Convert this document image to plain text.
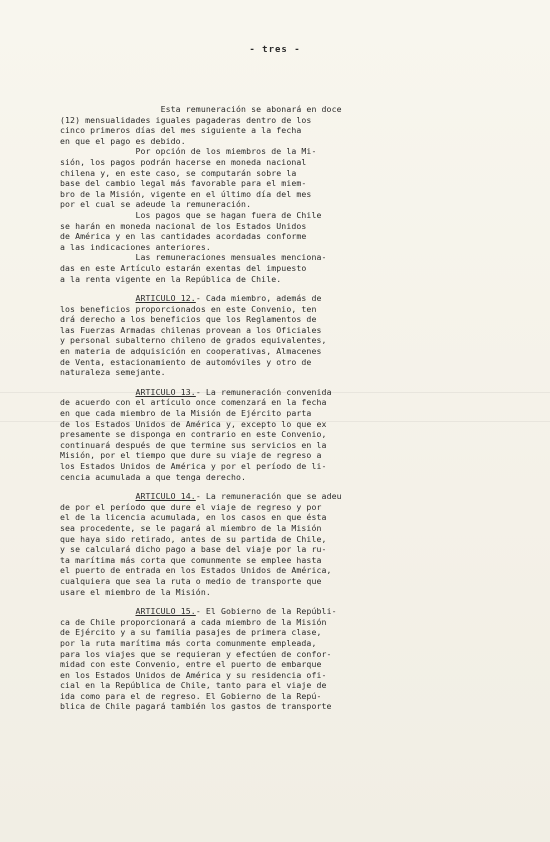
- tres -
Esta remuneración se abonará en doce
(12) mensualidades iguales pagaderas dentro de los
cinco primeros días del mes siguiente a la fecha
en que el pago es debido.
Por opción de los miembros de la Mi-
sión, los pagos podrán hacerse en moneda nacional
chilena y, en este caso, se computarán sobre la
base del cambio legal más favorable para el miem-
bro de la Misión, vigente en el último día del mes
por el cual se adeude la remuneración.
Los pagos que se hagan fuera de Chile
se harán en moneda nacional de los Estados Unidos
de América y en las cantidades acordadas conforme
a las indicaciones anteriores.
Las remuneraciones mensuales menciona-
das en este Artículo estarán exentas del impuesto
a la renta vigente en la República de Chile.
ARTICULO 12.- Cada miembro, además de
los beneficios proporcionados en este Convenio, ten
drá derecho a los beneficios que los Reglamentos de
las Fuerzas Armadas chilenas provean a los Oficiales
y personal subalterno chileno de grados equivalentes,
en materia de adquisición en cooperativas, Almacenes
de Venta, estacionamiento de automóviles y otro de
naturaleza semejante.
ARTICULO 13.- La remuneración convenida
de acuerdo con el artículo once comenzará en la fecha
en que cada miembro de la Misión de Ejército parta
de los Estados Unidos de América y, excepto lo que ex
presamente se disponga en contrario en este Convenio,
continuará después de que termine sus servicios en la
Misión, por el tiempo que dure su viaje de regreso a
los Estados Unidos de América y por el período de li-
cencia acumulada a que tenga derecho.
ARTICULO 14.- La remuneración que se adeu
de por el período que dure el viaje de regreso y por
el de la licencia acumulada, en los casos en que ésta
sea procedente, se le pagará al miembro de la Misión
que haya sido retirado, antes de su partida de Chile,
y se calculará dicho pago a base del viaje por la ru-
ta marítima más corta que comunmente se emplee hasta
el puerto de entrada en los Estados Unidos de América,
cualquiera que sea la ruta o medio de transporte que
usare el miembro de la Misión.
ARTICULO 15.- El Gobierno de la Repúbli-
ca de Chile proporcionará a cada miembro de la Misión
de Ejército y a su familia pasajes de primera clase,
por la ruta marítima más corta comunmente empleada,
para los viajes que se requieran y efectúen de confor-
midad con este Convenio, entre el puerto de embarque
en los Estados Unidos de América y su residencia ofi-
cial en la República de Chile, tanto para el viaje de
ida como para el de regreso. El Gobierno de la Repú-
blica de Chile pagará también los gastos de transporte
